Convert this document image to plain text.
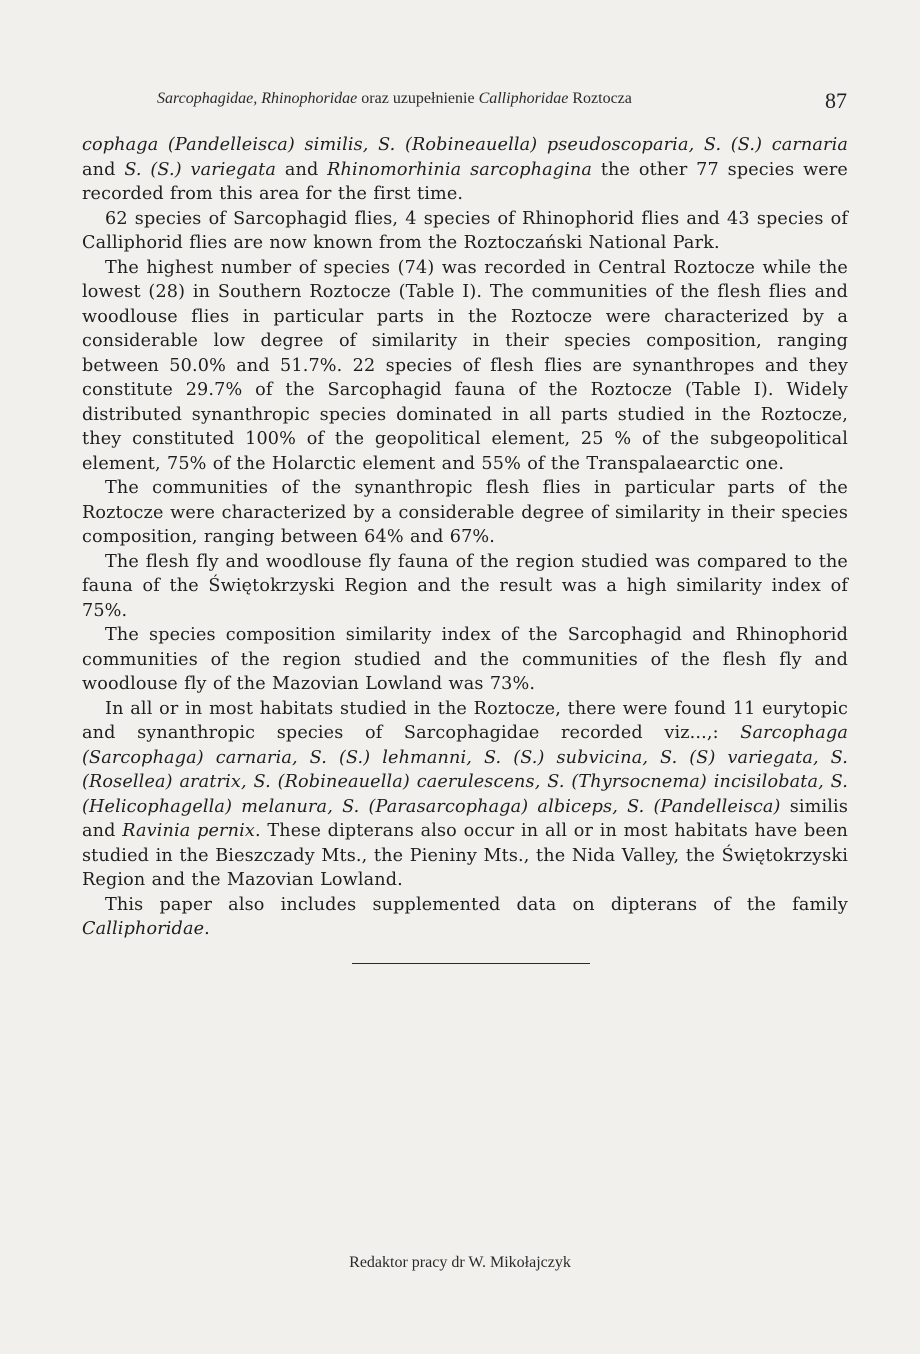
Sarcophagidae, Rhinophoridae oraz uzupełnienie Calliphoridae Roztocza	87

cophaga (Pandelleisca) similis, S. (Robineauella) pseudoscoparia, S. (S.) carnaria and S. (S.) variegata and Rhinomorhinia sarcophagina the other 77 species were recorded from this area for the first time.

62 species of Sarcophagid flies, 4 species of Rhinophorid flies and 43 species of Calliphorid flies are now known from the Roztoczański National Park.

The highest number of species (74) was recorded in Central Roztocze while the lowest (28) in Southern Roztocze (Table I). The communities of the flesh flies and woodlouse flies in particular parts in the Roztocze were characterized by a considerable low degree of similarity in their species composition, ranging between 50.0% and 51.7%. 22 species of flesh flies are synanthropes and they constitute 29.7% of the Sarcophagid fauna of the Roztocze (Table I). Widely distributed synanthropic species dominated in all parts studied in the Roztocze, they constituted 100% of the geopolitical element, 25 % of the subgeopolitical element, 75% of the Holarctic element and 55% of the Transpalaearctic one.

The communities of the synanthropic flesh flies in particular parts of the Roztocze were characterized by a considerable degree of similarity in their species composition, ranging between 64% and 67%.

The flesh fly and woodlouse fly fauna of the region studied was compared to the fauna of the Świętokrzyski Region and the result was a high similarity index of 75%.

The species composition similarity index of the Sarcophagid and Rhinophorid communities of the region studied and the communities of the flesh fly and woodlouse fly of the Mazovian Lowland was 73%.

In all or in most habitats studied in the Roztocze, there were found 11 eurytopic and synanthropic species of Sarcophagidae recorded viz...,: Sarcophaga (Sarcophaga) carnaria, S. (S.) lehmanni, S. (S.) subvicina, S. (S) variegata, S. (Rosellea) aratrix, S. (Robineauella) caerulescens, S. (Thyrsocnema) incisilobata, S. (Helicophagella) melanura, S. (Parasarcophaga) albiceps, S. (Pandelleisca) similis and Ravinia pernix. These dipterans also occur in all or in most habitats have been studied in the Bieszczady Mts., the Pieniny Mts., the Nida Valley, the Świętokrzyski Region and the Mazovian Lowland.

This paper also includes supplemented data on dipterans of the family Calliphoridae.

Redaktor pracy dr W. Mikołajczyk
